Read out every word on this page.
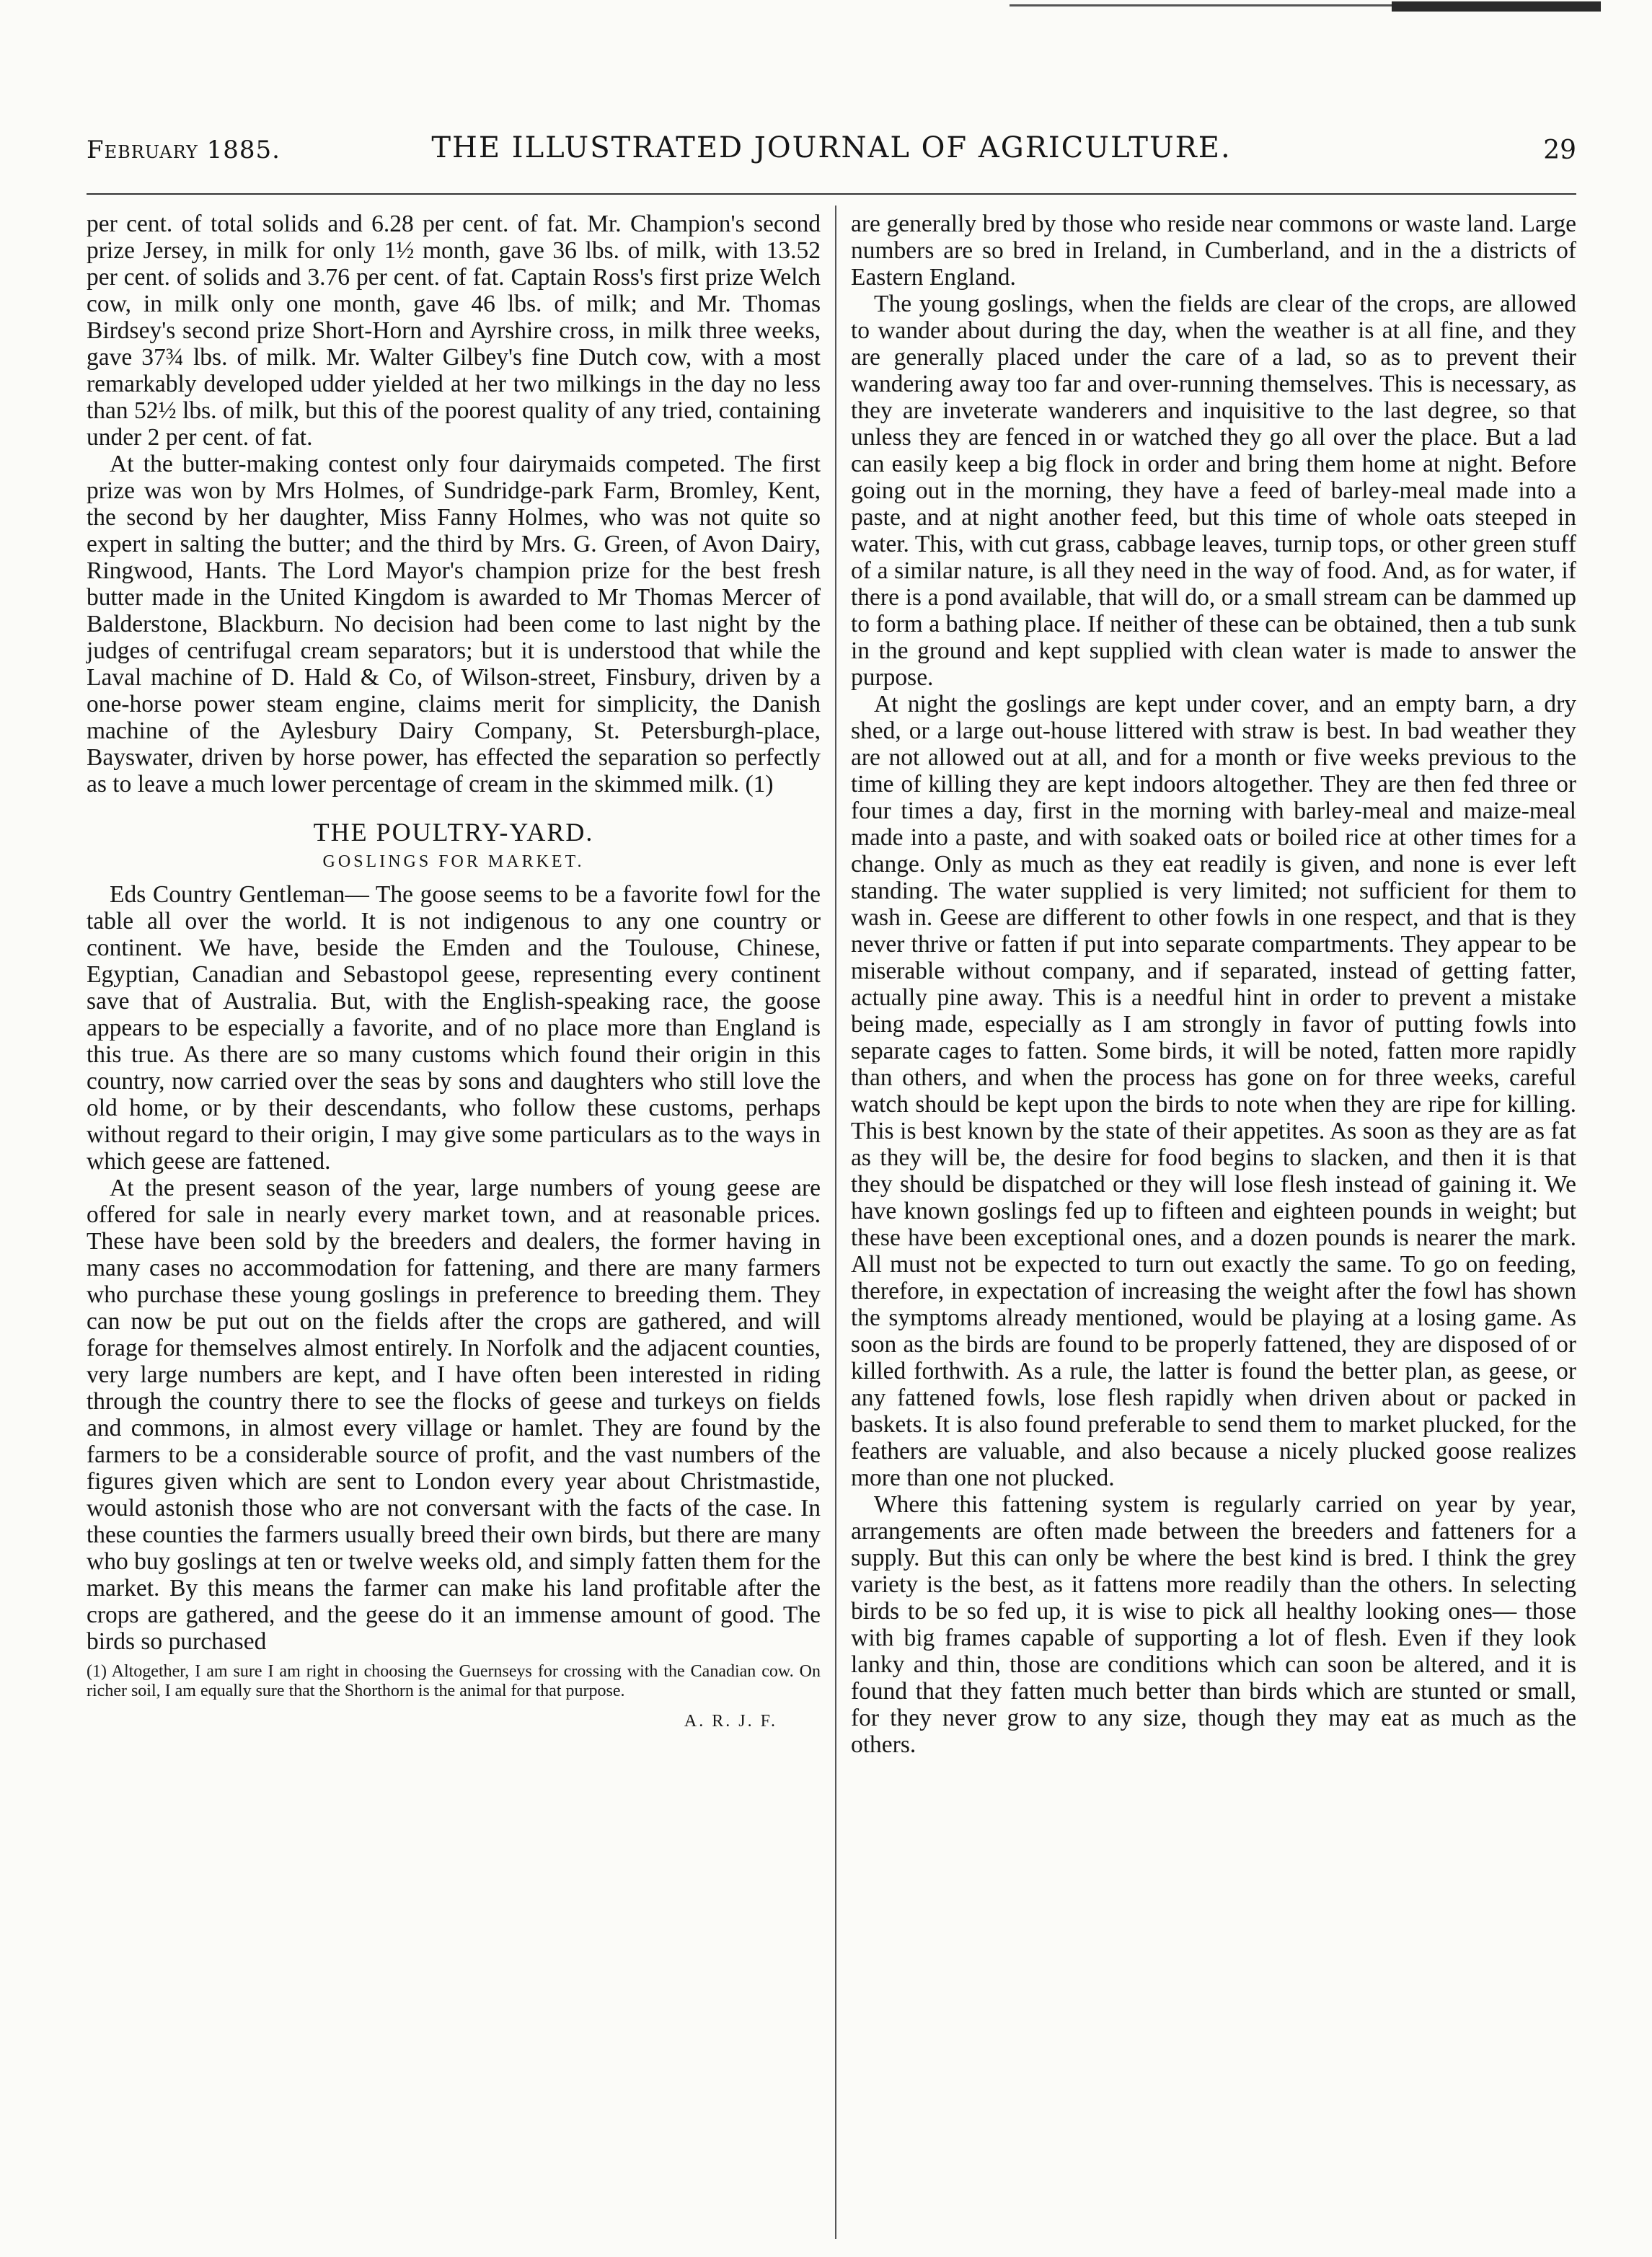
February 1885.	THE ILLUSTRATED JOURNAL OF AGRICULTURE.	29

per cent. of total solids and 6.28 per cent. of fat. Mr. Champion's second prize Jersey, in milk for only 1½ month, gave 36 lbs. of milk, with 13.52 per cent. of solids and 3.76 per cent. of fat. Captain Ross's first prize Welch cow, in milk only one month, gave 46 lbs. of milk; and Mr. Thomas Birdsey's second prize Short-Horn and Ayrshire cross, in milk three weeks, gave 37¾ lbs. of milk. Mr. Walter Gilbey's fine Dutch cow, with a most remarkably developed udder yielded at her two milkings in the day no less than 52½ lbs. of milk, but this of the poorest quality of any tried, containing under 2 per cent. of fat.

At the butter-making contest only four dairymaids competed. The first prize was won by Mrs Holmes, of Sundridge-park Farm, Bromley, Kent, the second by her daughter, Miss Fanny Holmes, who was not quite so expert in salting the butter; and the third by Mrs. G. Green, of Avon Dairy, Ringwood, Hants. The Lord Mayor's champion prize for the best fresh butter made in the United Kingdom is awarded to Mr Thomas Mercer of Balderstone, Blackburn. No decision had been come to last night by the judges of centrifugal cream separators; but it is understood that while the Laval machine of D. Hald & Co, of Wilson-street, Finsbury, driven by a one-horse power steam engine, claims merit for simplicity, the Danish machine of the Aylesbury Dairy Company, St. Petersburgh-place, Bayswater, driven by horse power, has effected the separation so perfectly as to leave a much lower percentage of cream in the skimmed milk. (1)

THE POULTRY-YARD.
GOSLINGS FOR MARKET.

Eds Country Gentleman— The goose seems to be a favorite fowl for the table all over the world. It is not indigenous to any one country or continent. We have, beside the Emden and the Toulouse, Chinese, Egyptian, Canadian and Sebastopol geese, representing every continent save that of Australia. But, with the English-speaking race, the goose appears to be especially a favorite, and of no place more than England is this true. As there are so many customs which found their origin in this country, now carried over the seas by sons and daughters who still love the old home, or by their descendants, who follow these customs, perhaps without regard to their origin, I may give some particulars as to the ways in which geese are fattened.

At the present season of the year, large numbers of young geese are offered for sale in nearly every market town, and at reasonable prices. These have been sold by the breeders and dealers, the former having in many cases no accommodation for fattening, and there are many farmers who purchase these young goslings in preference to breeding them. They can now be put out on the fields after the crops are gathered, and will forage for themselves almost entirely. In Norfolk and the adjacent counties, very large numbers are kept, and I have often been interested in riding through the country there to see the flocks of geese and turkeys on fields and commons, in almost every village or hamlet. They are found by the farmers to be a considerable source of profit, and the vast numbers of the figures given which are sent to London every year about Christmastide, would astonish those who are not conversant with the facts of the case. In these counties the farmers usually breed their own birds, but there are many who buy goslings at ten or twelve weeks old, and simply fatten them for the market. By this means the farmer can make his land profitable after the crops are gathered, and the geese do it an immense amount of good. The birds so purchased

(1) Altogether, I am sure I am right in choosing the Guernseys for crossing with the Canadian cow. On richer soil, I am equally sure that the Shorthorn is the animal for that purpose.
A. R. J. F.

are generally bred by those who reside near commons or waste land. Large numbers are so bred in Ireland, in Cumberland, and in the a districts of Eastern England.

The young goslings, when the fields are clear of the crops, are allowed to wander about during the day, when the weather is at all fine, and they are generally placed under the care of a lad, so as to prevent their wandering away too far and over-running themselves. This is necessary, as they are inveterate wanderers and inquisitive to the last degree, so that unless they are fenced in or watched they go all over the place. But a lad can easily keep a big flock in order and bring them home at night. Before going out in the morning, they have a feed of barley-meal made into a paste, and at night another feed, but this time of whole oats steeped in water. This, with cut grass, cabbage leaves, turnip tops, or other green stuff of a similar nature, is all they need in the way of food. And, as for water, if there is a pond available, that will do, or a small stream can be dammed up to form a bathing place. If neither of these can be obtained, then a tub sunk in the ground and kept supplied with clean water is made to answer the purpose.

At night the goslings are kept under cover, and an empty barn, a dry shed, or a large out-house littered with straw is best. In bad weather they are not allowed out at all, and for a month or five weeks previous to the time of killing they are kept indoors altogether. They are then fed three or four times a day, first in the morning with barley-meal and maize-meal made into a paste, and with soaked oats or boiled rice at other times for a change. Only as much as they eat readily is given, and none is ever left standing. The water supplied is very limited; not sufficient for them to wash in. Geese are different to other fowls in one respect, and that is they never thrive or fatten if put into separate compartments. They appear to be miserable without company, and if separated, instead of getting fatter, actually pine away. This is a needful hint in order to prevent a mistake being made, especially as I am strongly in favor of putting fowls into separate cages to fatten. Some birds, it will be noted, fatten more rapidly than others, and when the process has gone on for three weeks, careful watch should be kept upon the birds to note when they are ripe for killing. This is best known by the state of their appetites. As soon as they are as fat as they will be, the desire for food begins to slacken, and then it is that they should be dispatched or they will lose flesh instead of gaining it. We have known goslings fed up to fifteen and eighteen pounds in weight; but these have been exceptional ones, and a dozen pounds is nearer the mark. All must not be expected to turn out exactly the same. To go on feeding, therefore, in expectation of increasing the weight after the fowl has shown the symptoms already mentioned, would be playing at a losing game. As soon as the birds are found to be properly fattened, they are disposed of or killed forthwith. As a rule, the latter is found the better plan, as geese, or any fattened fowls, lose flesh rapidly when driven about or packed in baskets. It is also found preferable to send them to market plucked, for the feathers are valuable, and also because a nicely plucked goose realizes more than one not plucked.

Where this fattening system is regularly carried on year by year, arrangements are often made between the breeders and fatteners for a supply. But this can only be where the best kind is bred. I think the grey variety is the best, as it fattens more readily than the others. In selecting birds to be so fed up, it is wise to pick all healthy looking ones— those with big frames capable of supporting a lot of flesh. Even if they look lanky and thin, those are conditions which can soon be altered, and it is found that they fatten much better than birds which are stunted or small, for they never grow to any size, though they may eat as much as the others.
